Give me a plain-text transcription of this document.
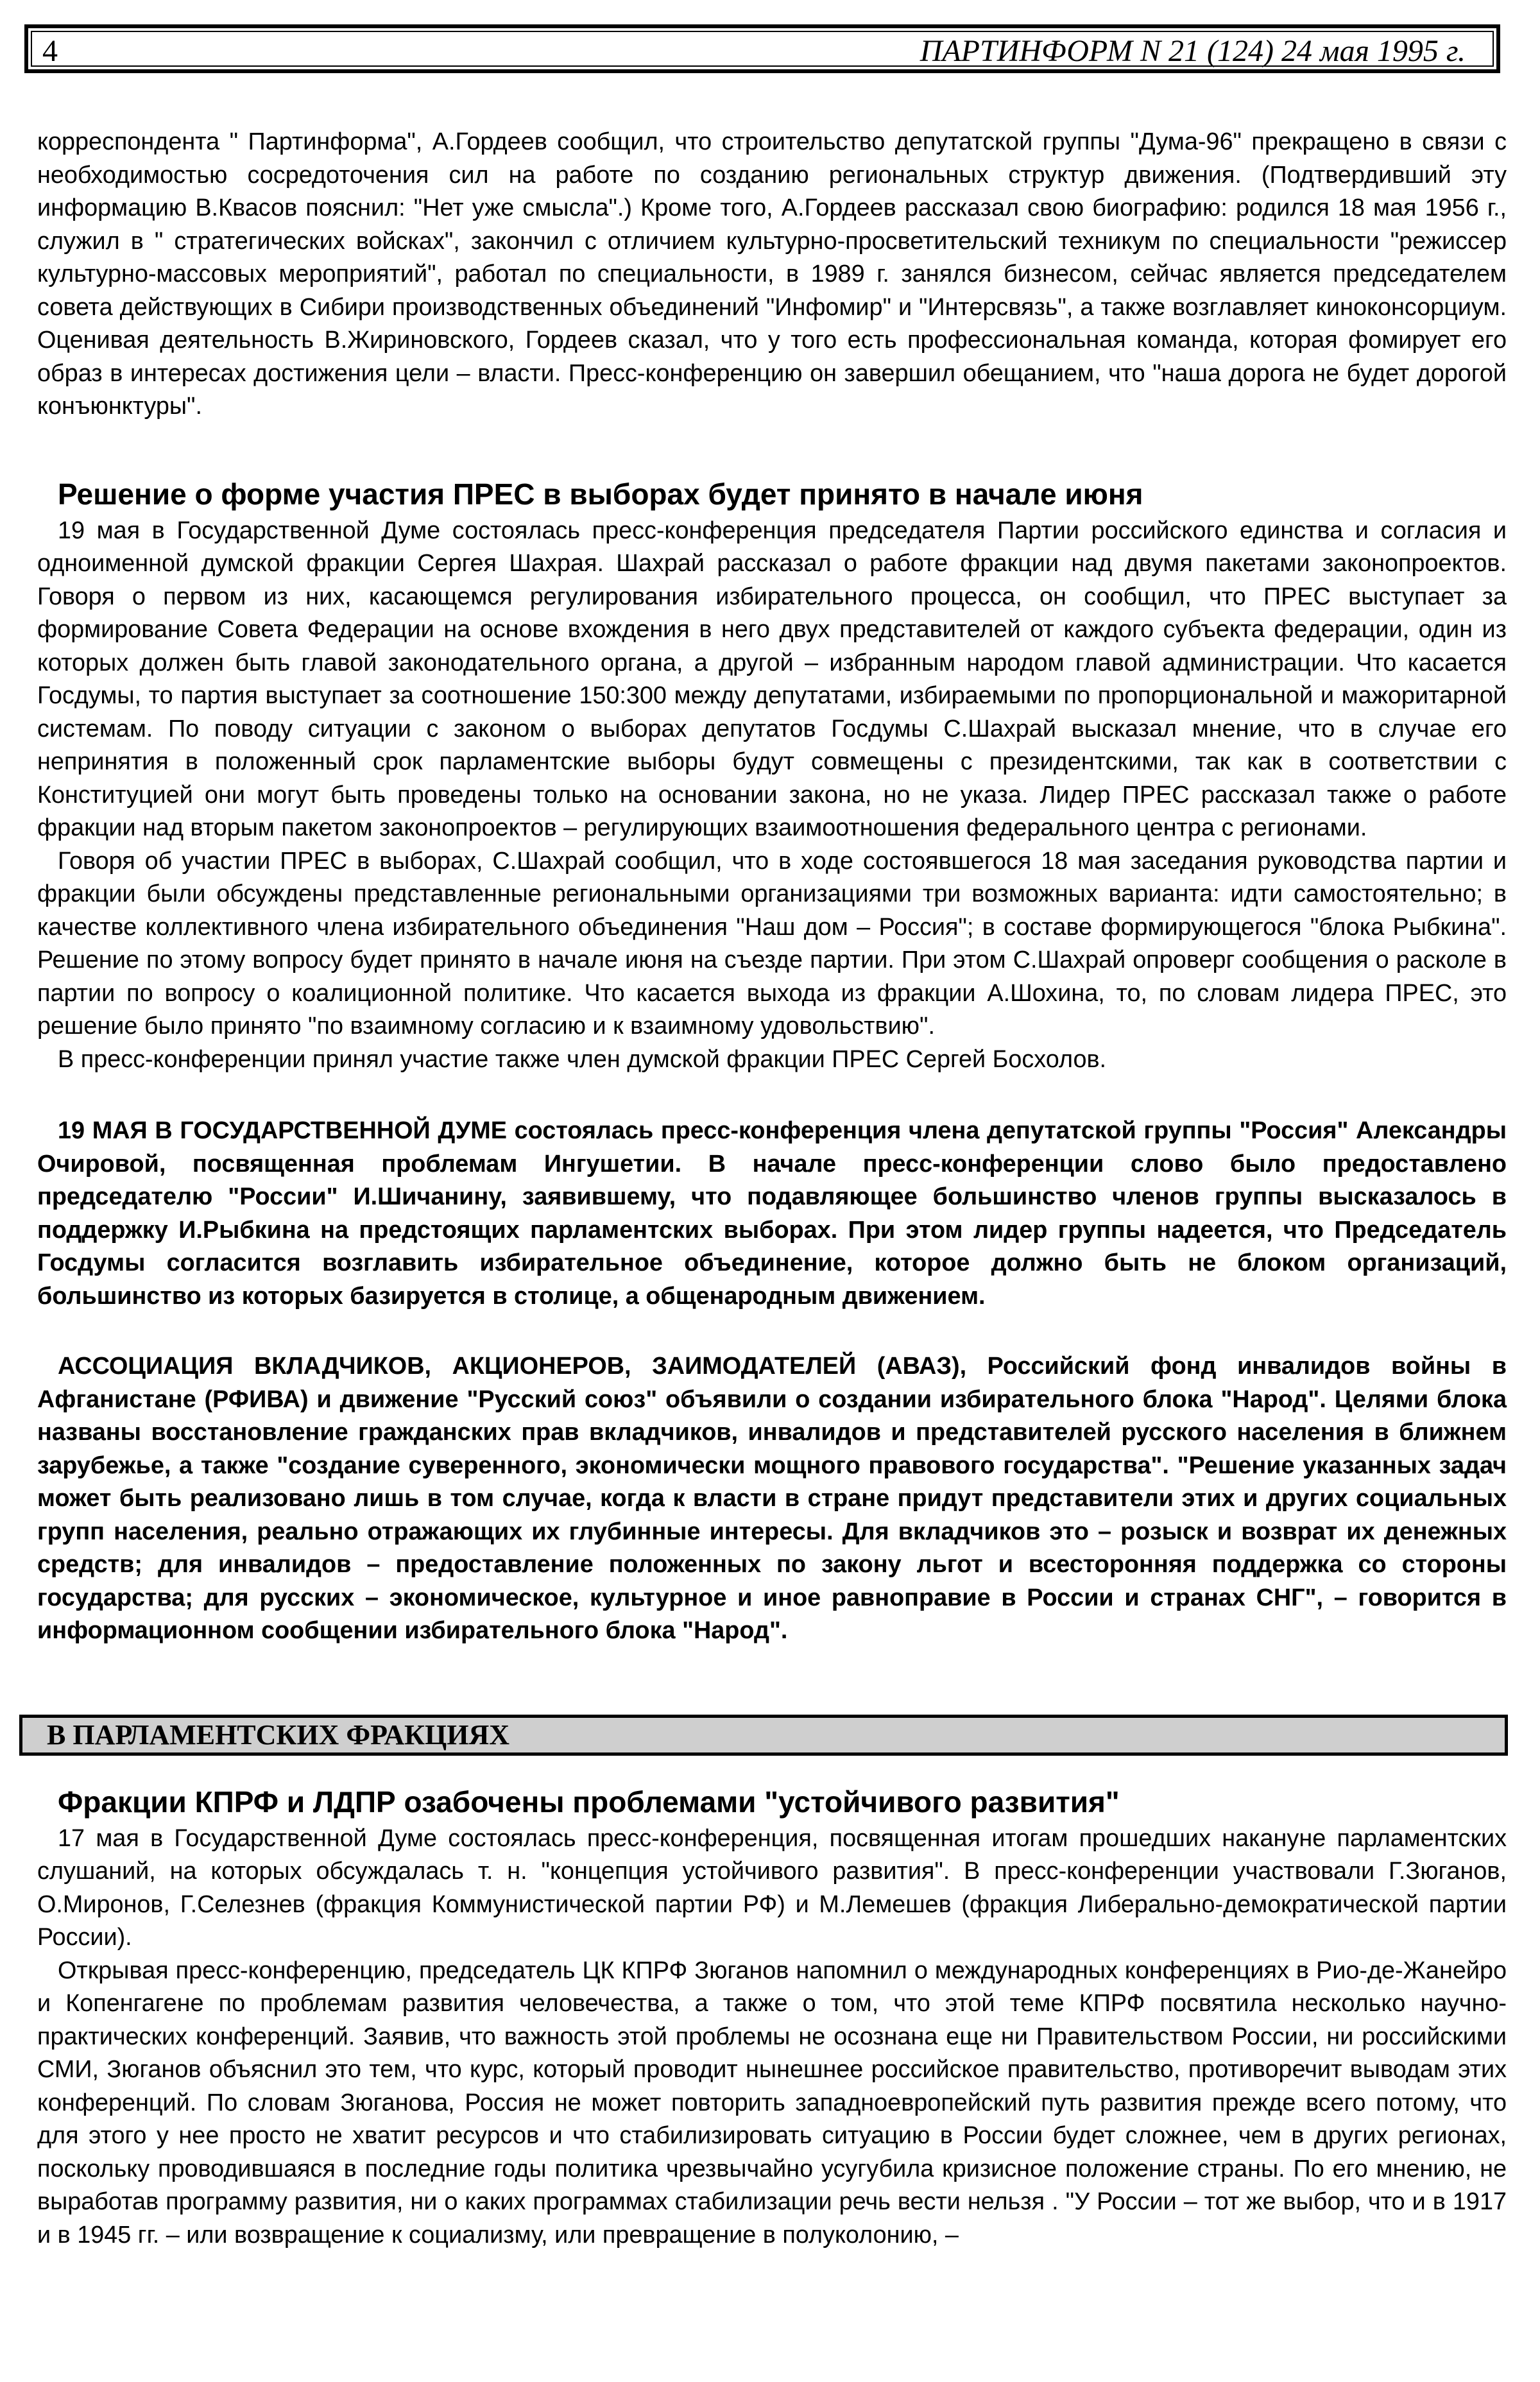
4	ПАРТИНФОРМ N 21 (124) 24 мая 1995 г.

корреспондента " Партинформа", А.Гордеев сообщил, что строительство депутатской группы "Дума-96" прекращено в связи с необходимостью сосредоточения сил на работе по созданию региональных структур движения. (Подтвердивший эту информацию В.Квасов пояснил: "Нет уже смысла".) Кроме того, А.Гордеев рассказал свою биографию: родился 18 мая 1956 г., служил в " стратегических войсках", закончил с отличием культурно-просветительский техникум по специальности "режиссер культурно-массовых мероприятий", работал по специальности, в 1989 г. занялся бизнесом, сейчас является председателем совета действующих в Сибири производственных объединений "Инфомир" и "Интерсвязь", а также возглавляет киноконсорциум. Оценивая деятельность В.Жириновского, Гордеев сказал, что у того есть профессиональная команда, которая фомирует его образ в интересах достижения цели – власти. Пресс-конференцию он завершил обещанием, что "наша дорога не будет дорогой конъюнктуры".

Решение о форме участия ПРЕС в выборах будет принято в начале июня

19 мая в Государственной Думе состоялась пресс-конференция председателя Партии российского единства и согласия и одноименной думской фракции Сергея Шахрая. Шахрай рассказал о работе фракции над двумя пакетами законопроектов. Говоря о первом из них, касающемся регулирования избирательного процесса, он сообщил, что ПРЕС выступает за формирование Совета Федерации на основе вхождения в него двух представителей от каждого субъекта федерации, один из которых должен быть главой законодательного органа, а другой – избранным народом главой администрации. Что касается Госдумы, то партия выступает за соотношение 150:300 между депутатами, избираемыми по пропорциональной и мажоритарной системам. По поводу ситуации с законом о выборах депутатов Госдумы С.Шахрай высказал мнение, что в случае его непринятия в положенный срок парламентские выборы будут совмещены с президентскими, так как в соответствии с Конституцией они могут быть проведены только на основании закона, но не указа. Лидер ПРЕС рассказал также о работе фракции над вторым пакетом законопроектов – регулирующих взаимоотношения федерального центра с регионами.

Говоря об участии ПРЕС в выборах, С.Шахрай сообщил, что в ходе состоявшегося 18 мая заседания руководства партии и фракции были обсуждены представленные региональными организациями три возможных варианта: идти самостоятельно; в качестве коллективного члена избирательного объединения "Наш дом – Россия"; в составе формирующегося "блока Рыбкина". Решение по этому вопросу будет принято в начале июня на съезде партии. При этом С.Шахрай опроверг сообщения о расколе в партии по вопросу о коалиционной политике. Что касается выхода из фракции А.Шохина, то, по словам лидера ПРЕС, это решение было принято "по взаимному согласию и к взаимному удовольствию".

В пресс-конференции принял участие также член думской фракции ПРЕС Сергей Босхолов.

19 МАЯ В ГОСУДАРСТВЕННОЙ ДУМЕ состоялась пресс-конференция члена депутатской группы "Россия" Александры Очировой, посвященная проблемам Ингушетии. В начале пресс-конференции слово было предоставлено председателю "России" И.Шичанину, заявившему, что подавляющее большинство членов группы высказалось в поддержку И.Рыбкина на предстоящих парламентских выборах. При этом лидер группы надеется, что Председатель Госдумы согласится возглавить избирательное объединение, которое должно быть не блоком организаций, большинство из которых базируется в столице, а общенародным движением.

АССОЦИАЦИЯ ВКЛАДЧИКОВ, АКЦИОНЕРОВ, ЗАИМОДАТЕЛЕЙ (АВАЗ), Российский фонд инвалидов войны в Афганистане (РФИВА) и движение "Русский союз" объявили о создании избирательного блока "Народ". Целями блока названы восстановление гражданских прав вкладчиков, инвалидов и представителей русского населения в ближнем зарубежье, а также "создание суверенного, экономически мощного правового государства". "Решение указанных задач может быть реализовано лишь в том случае, когда к власти в стране придут представители этих и других социальных групп населения, реально отражающих их глубинные интересы. Для вкладчиков это – розыск и возврат их денежных средств; для инвалидов – предоставление положенных по закону льгот и всесторонняя поддержка со стороны государства; для русских – экономическое, культурное и иное равноправие в России и странах СНГ", – говорится в информационном сообщении избирательного блока "Народ".

В ПАРЛАМЕНТСКИХ ФРАКЦИЯХ
Фракции КПРФ и ЛДПР озабочены проблемами "устойчивого развития"

17 мая в Государственной Думе состоялась пресс-конференция, посвященная итогам прошедших накануне парламентских слушаний, на которых обсуждалась т. н. "концепция устойчивого развития". В пресс-конференции участвовали Г.Зюганов, О.Миронов, Г.Селезнев (фракция Коммунистической партии РФ) и М.Лемешев (фракция Либерально-демократической партии России).

Открывая пресс-конференцию, председатель ЦК КПРФ Зюганов напомнил о международных конференциях в Рио-де-Жанейро и Копенгагене по проблемам развития человечества, а также о том, что этой теме КПРФ посвятила несколько научно-практических конференций. Заявив, что важность этой проблемы не осознана еще ни Правительством России, ни российскими СМИ, Зюганов объяснил это тем, что курс, который проводит нынешнее российское правительство, противоречит выводам этих конференций. По словам Зюганова, Россия не может повторить западноевропейский путь развития прежде всего потому, что для этого у нее просто не хватит ресурсов и что стабилизировать ситуацию в России будет сложнее, чем в других регионах, поскольку проводившаяся в последние годы политика чрезвычайно усугубила кризисное положение страны. По его мнению, не выработав программу развития, ни о каких программах стабилизации речь вести нельзя . "У России – тот же выбор, что и в 1917 и в 1945 гг. – или возвращение к социализму, или превращение в полуколонию, –
